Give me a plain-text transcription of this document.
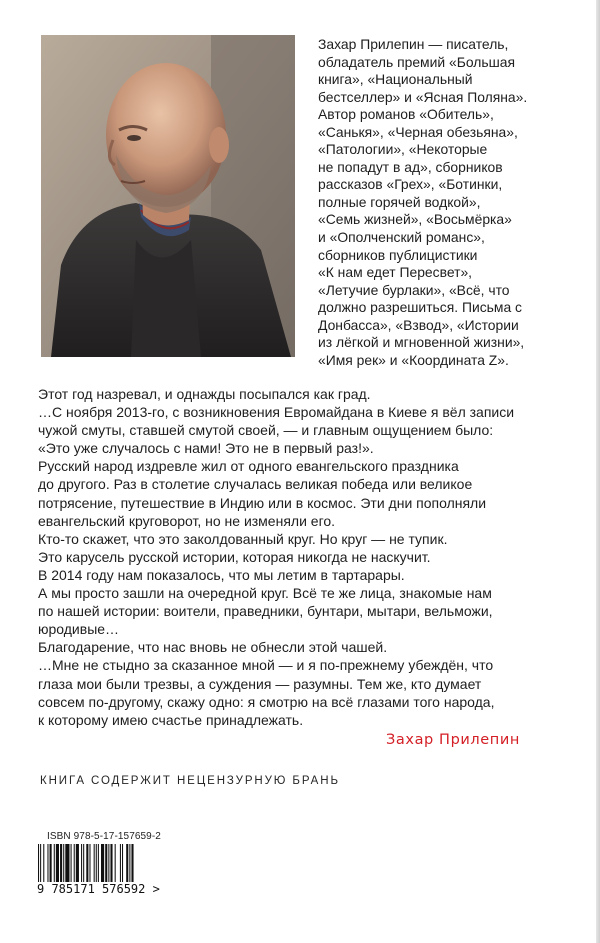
Захар Прилепин — писатель,
обладатель премий «Большая
книга», «Национальный
бестселлер» и «Ясная Поляна».
Автор романов «Обитель»,
«Санькя», «Черная обезьяна»,
«Патологии», «Некоторые
не попадут в ад», сборников
рассказов «Грех», «Ботинки,
полные горячей водкой»,
«Семь жизней», «Восьмёрка»
и «Ополченский романс»,
сборников публицистики
«К нам едет Пересвет»,
«Летучие бурлаки», «Всё, что
должно разрешиться. Письма с
Донбасса», «Взвод», «Истории
из лёгкой и мгновенной жизни»,
«Имя рек» и «Координата Z».
Этот год назревал, и однажды посыпался как град.
…С ноября 2013-го, с возникновения Евромайдана в Киеве я вёл записи
чужой смуты, ставшей смутой своей, — и главным ощущением было:
«Это уже случалось с нами! Это не в первый раз!».
Русский народ издревле жил от одного евангельского праздника
до другого. Раз в столетие случалась великая победа или великое
потрясение, путешествие в Индию или в космос. Эти дни пополняли
евангельский круговорот, но не изменяли его.
Кто-то скажет, что это заколдованный круг. Но круг — не тупик.
Это карусель русской истории, которая никогда не наскучит.
В 2014 году нам показалось, что мы летим в тартарары.
А мы просто зашли на очередной круг. Всё те же лица, знакомые нам
по нашей истории: воители, праведники, бунтари, мытари, вельможи,
юродивые…
Благодарение, что нас вновь не обнесли этой чашей.
…Мне не стыдно за сказанное мной — и я по-прежнему убеждён, что
глаза мои были трезвы, а суждения — разумны. Тем же, кто думает
совсем по-другому, скажу одно: я смотрю на всё глазами того народа,
к которому имею счастье принадлежать.
Захар Прилепин
КНИГА СОДЕРЖИТ НЕЦЕНЗУРНУЮ БРАНЬ
ISBN 978-5-17-157659-2
9 785171 576592 >
